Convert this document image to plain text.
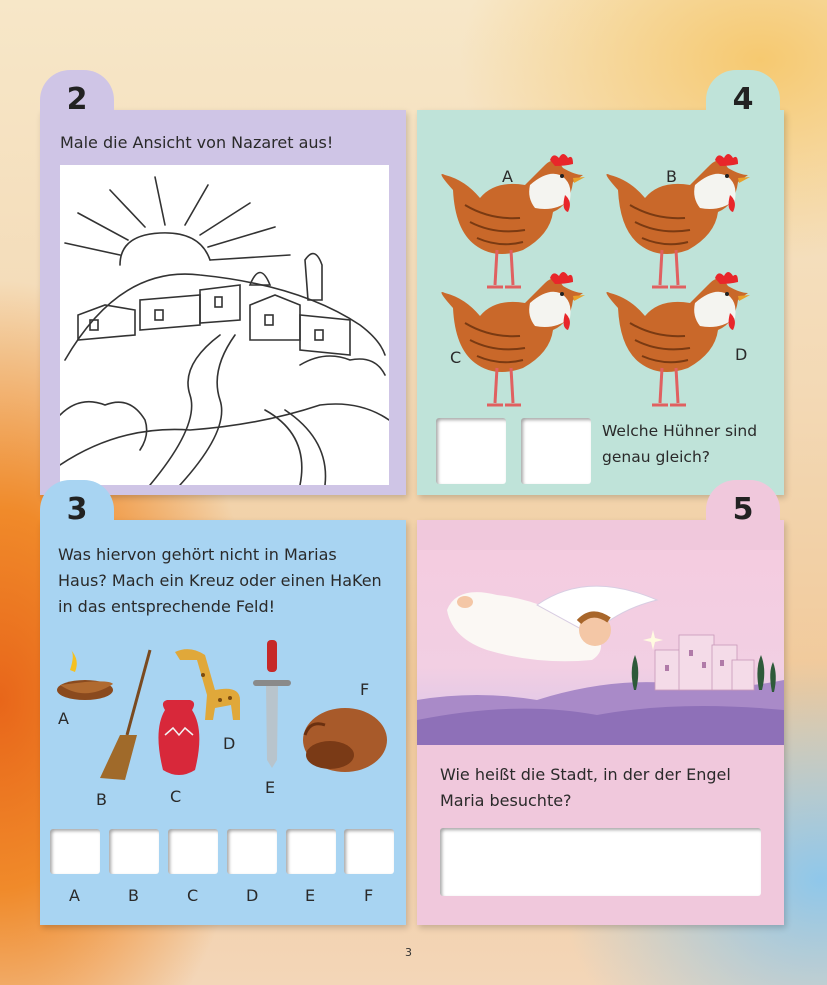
2
Male die Ansicht von Nazaret aus!
4
A	B
C	D
Welche Hühner sind
genau gleich?
3
Was hiervon gehört nicht in Marias
Haus? Mach ein Kreuz oder einen HaKen
in das entsprechende Feld!
A
B	C
D
E
F
A	B	C	D	E	F
5
Wie heißt die Stadt, in der der Engel
Maria besuchte?
3
